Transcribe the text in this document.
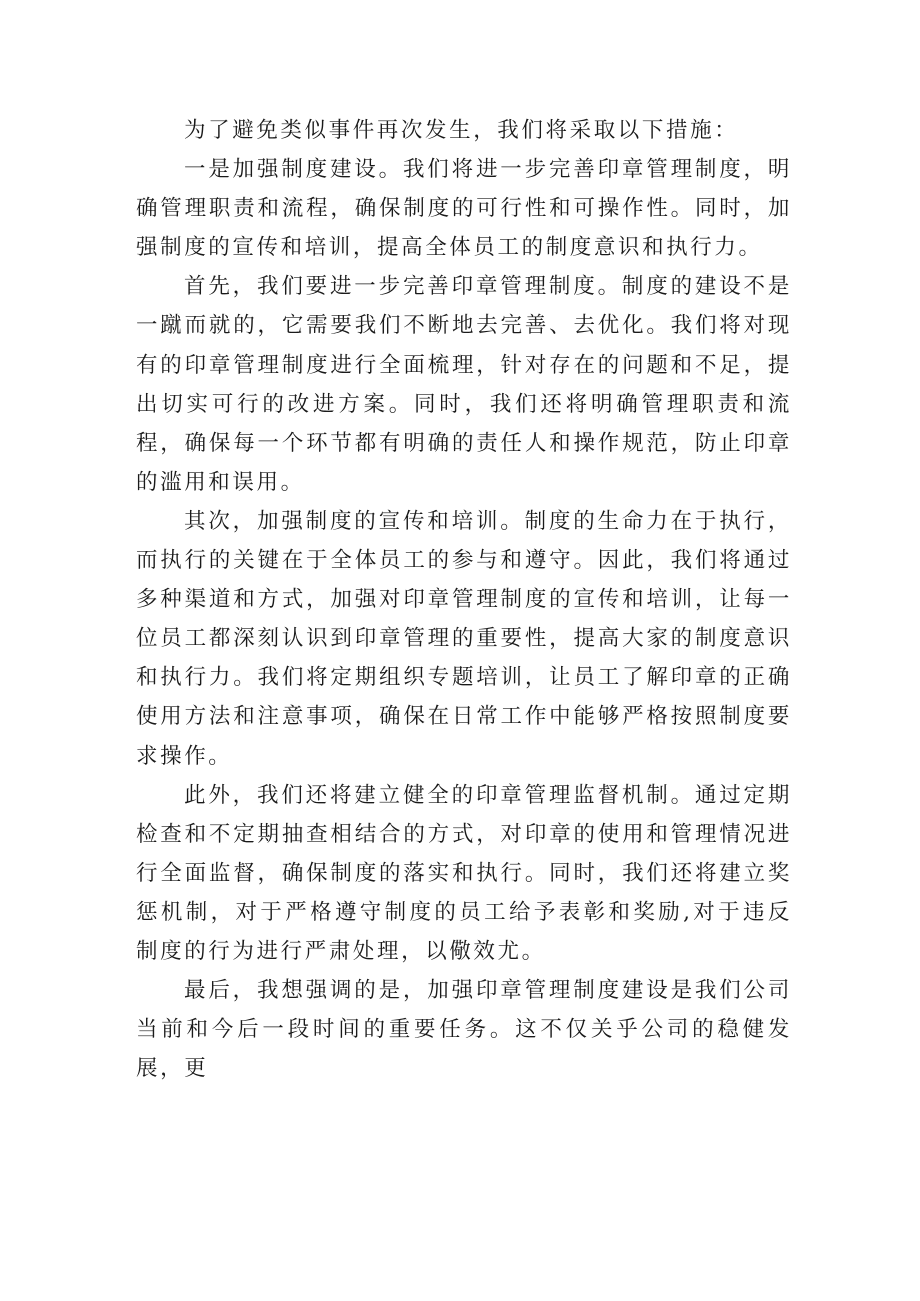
为了避免类似事件再次发生，我们将采取以下措施：

一是加强制度建设。我们将进一步完善印章管理制度，明确管理职责和流程，确保制度的可行性和可操作性。同时，加强制度的宣传和培训，提高全体员工的制度意识和执行力。

首先，我们要进一步完善印章管理制度。制度的建设不是一蹴而就的，它需要我们不断地去完善、去优化。我们将对现有的印章管理制度进行全面梳理，针对存在的问题和不足，提出切实可行的改进方案。同时，我们还将明确管理职责和流程，确保每一个环节都有明确的责任人和操作规范，防止印章的滥用和误用。

其次，加强制度的宣传和培训。制度的生命力在于执行，而执行的关键在于全体员工的参与和遵守。因此，我们将通过多种渠道和方式，加强对印章管理制度的宣传和培训，让每一位员工都深刻认识到印章管理的重要性，提高大家的制度意识和执行力。我们将定期组织专题培训，让员工了解印章的正确使用方法和注意事项，确保在日常工作中能够严格按照制度要求操作。

此外，我们还将建立健全的印章管理监督机制。通过定期检查和不定期抽查相结合的方式，对印章的使用和管理情况进行全面监督，确保制度的落实和执行。同时，我们还将建立奖惩机制，对于严格遵守制度的员工给予表彰和奖励,对于违反制度的行为进行严肃处理，以儆效尤。

最后，我想强调的是，加强印章管理制度建设是我们公司当前和今后一段时间的重要任务。这不仅关乎公司的稳健发展，更
